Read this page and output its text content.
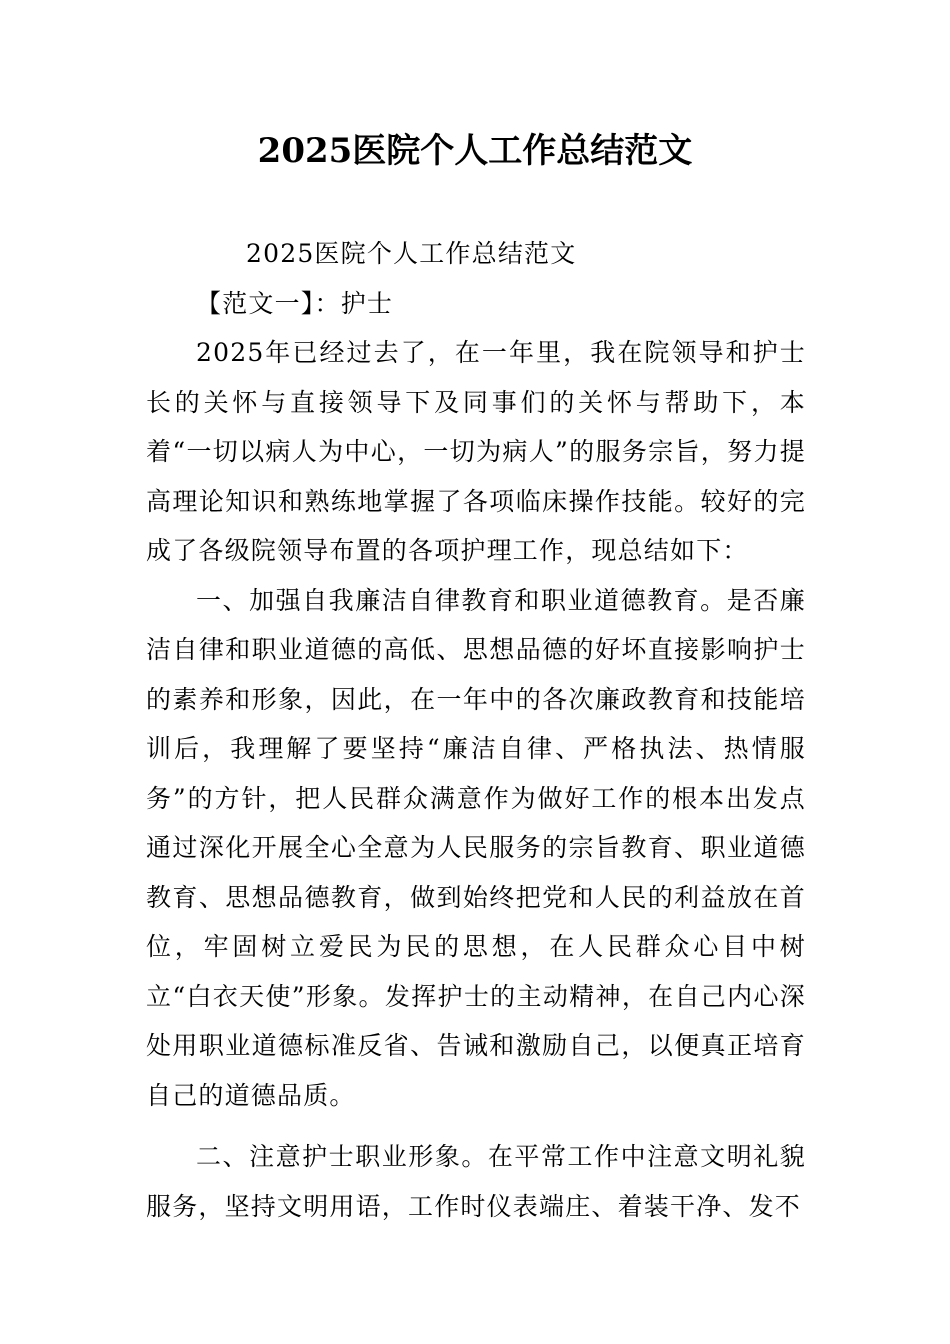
2025医院个人工作总结范文

2025医院个人工作总结范文

【范文一】：护士

2025年已经过去了，在一年里，我在院领导和护士长的关怀与直接领导下及同事们的关怀与帮助下，本着“一切以病人为中心，一切为病人”的服务宗旨，努力提高理论知识和熟练地掌握了各项临床操作技能。较好的完成了各级院领导布置的各项护理工作，现总结如下：

一、加强自我廉洁自律教育和职业道德教育。是否廉洁自律和职业道德的高低、思想品德的好坏直接影响护士的素养和形象，因此，在一年中的各次廉政教育和技能培训后，我理解了要坚持“廉洁自律、严格执法、热情服务”的方针，把人民群众满意作为做好工作的根本出发点通过深化开展全心全意为人民服务的宗旨教育、职业道德教育、思想品德教育，做到始终把党和人民的利益放在首位，牢固树立爱民为民的思想，在人民群众心目中树立“白衣天使”形象。发挥护士的主动精神，在自己内心深处用职业道德标准反省、告诫和激励自己，以便真正培育自己的道德品质。

二、注意护士职业形象。在平常工作中注意文明礼貌服务，坚持文明用语，工作时仪表端庄、着装干净、发不
